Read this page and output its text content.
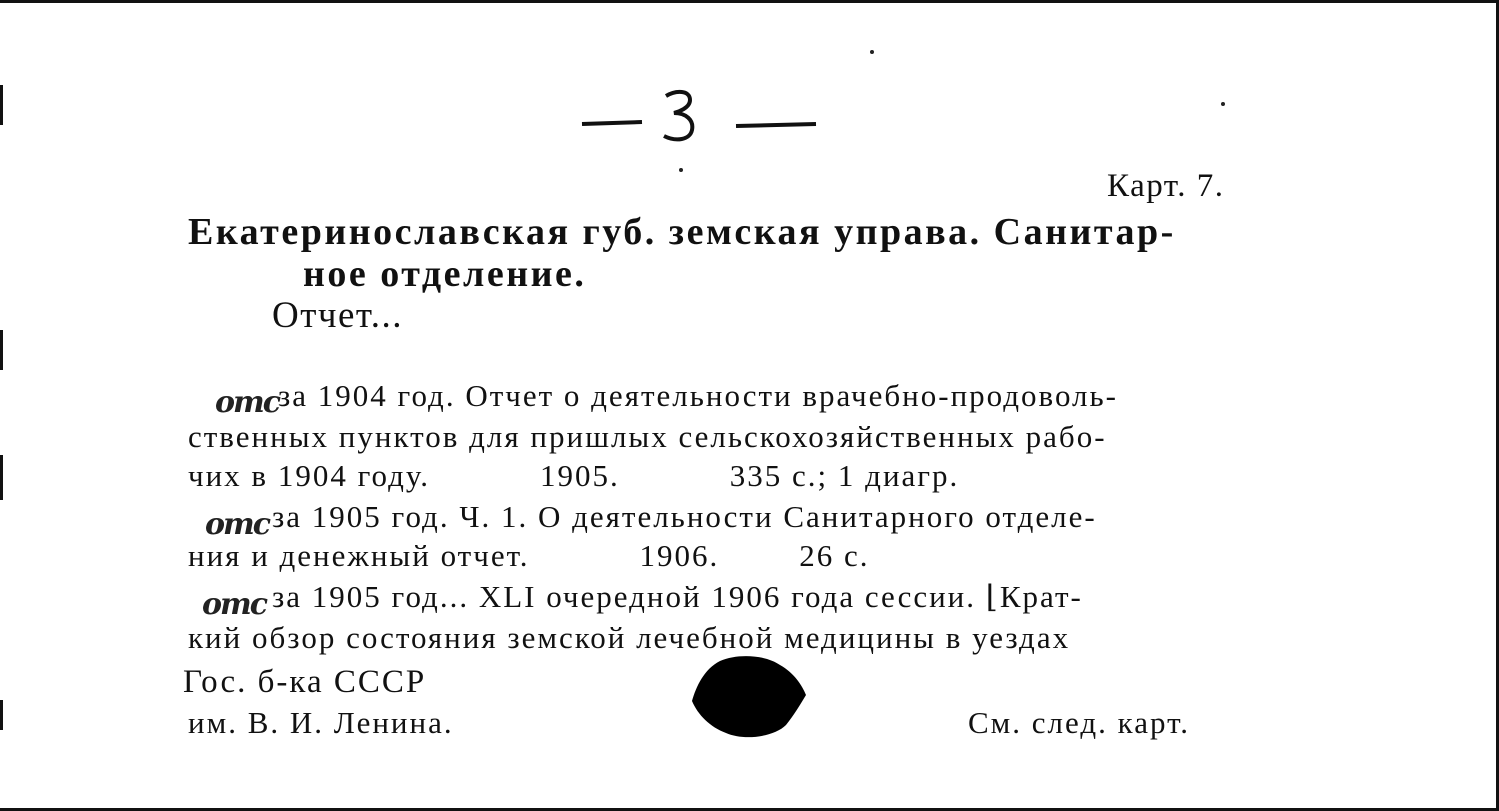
Карт. 7.
Екатеринославская губ. земская управа. Санитар-
ное отделение.
Отчет...
отс
за 1904 год. Отчет о деятельности врачебно-продоволь-
ственных пунктов для пришлых сельскохозяйственных рабо-
чих в 1904 году.	1905.	335 с.; 1 диагр.
отс за 1905 год. Ч. 1. О деятельности Санитарного отделе-
ния и денежный отчет.	1906.	26 с.
отс за 1905 год... XLI очередной 1906 года сессии. ⌊Крат-
кий обзор состояния земской лечебной медицины в уездах
Гос. б-ка СССР
им. В. И. Ленина.	См. след. карт.
